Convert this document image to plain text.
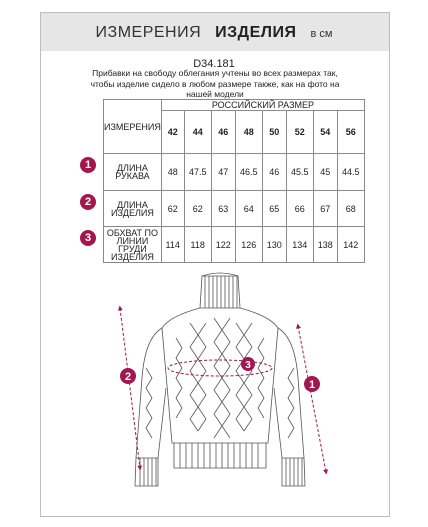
ИЗМЕРЕНИЯ ИЗДЕЛИЯ в см
D34.181
Прибавки на свободу облегания учтены во всех размерах так, чтобы изделие сидело в любом размере также, как на фото на нашей модели
ИЗМЕРЕНИЯ	РОССИЙСКИЙ РАЗМЕР							
	42	44	46	48	50	52	54	56
ДЛИНА РУКАВА	48	47.5	47	46.5	46	45.5	45	44.5
ДЛИНА ИЗДЕЛИЯ	62	62	63	64	65	66	67	68
ОБХВАТ ПО ЛИНИИ ГРУДИ ИЗДЕЛИЯ	114	118	122	126	130	134	138	142
1
2
3
2
1
3
